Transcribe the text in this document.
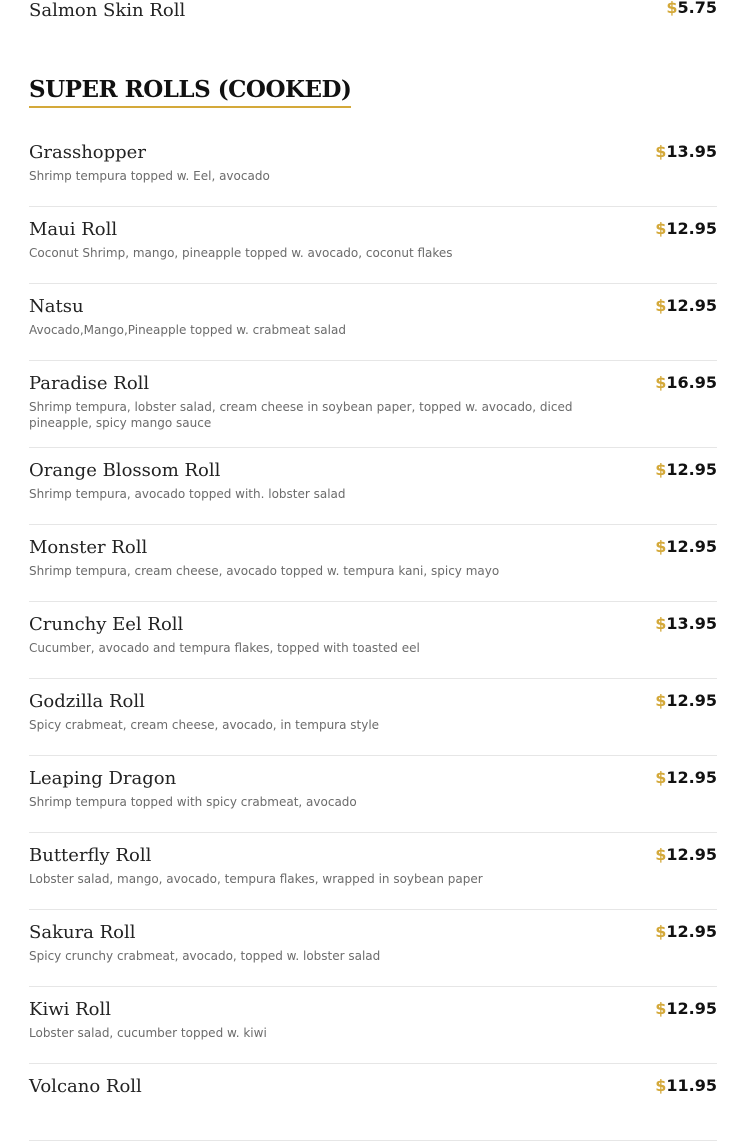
Salmon Skin Roll	$5.75
SUPER ROLLS (COOKED)
Grasshopper
Shrimp tempura topped w. Eel, avocado
$13.95
Maui Roll
Coconut Shrimp, mango, pineapple topped w. avocado, coconut flakes
$12.95
Natsu
Avocado,Mango,Pineapple topped w. crabmeat salad
$12.95
Paradise Roll
Shrimp tempura, lobster salad, cream cheese in soybean paper, topped w. avocado, diced pineapple, spicy mango sauce
$16.95
Orange Blossom Roll
Shrimp tempura, avocado topped with. lobster salad
$12.95
Monster Roll
Shrimp tempura, cream cheese, avocado topped w. tempura kani, spicy mayo
$12.95
Crunchy Eel Roll
Cucumber, avocado and tempura flakes, topped with toasted eel
$13.95
Godzilla Roll
Spicy crabmeat, cream cheese, avocado, in tempura style
$12.95
Leaping Dragon
Shrimp tempura topped with spicy crabmeat, avocado
$12.95
Butterfly Roll
Lobster salad, mango, avocado, tempura flakes, wrapped in soybean paper
$12.95
Sakura Roll
Spicy crunchy crabmeat, avocado, topped w. lobster salad
$12.95
Kiwi Roll
Lobster salad, cucumber topped w. kiwi
$12.95
Volcano Roll	$11.95
